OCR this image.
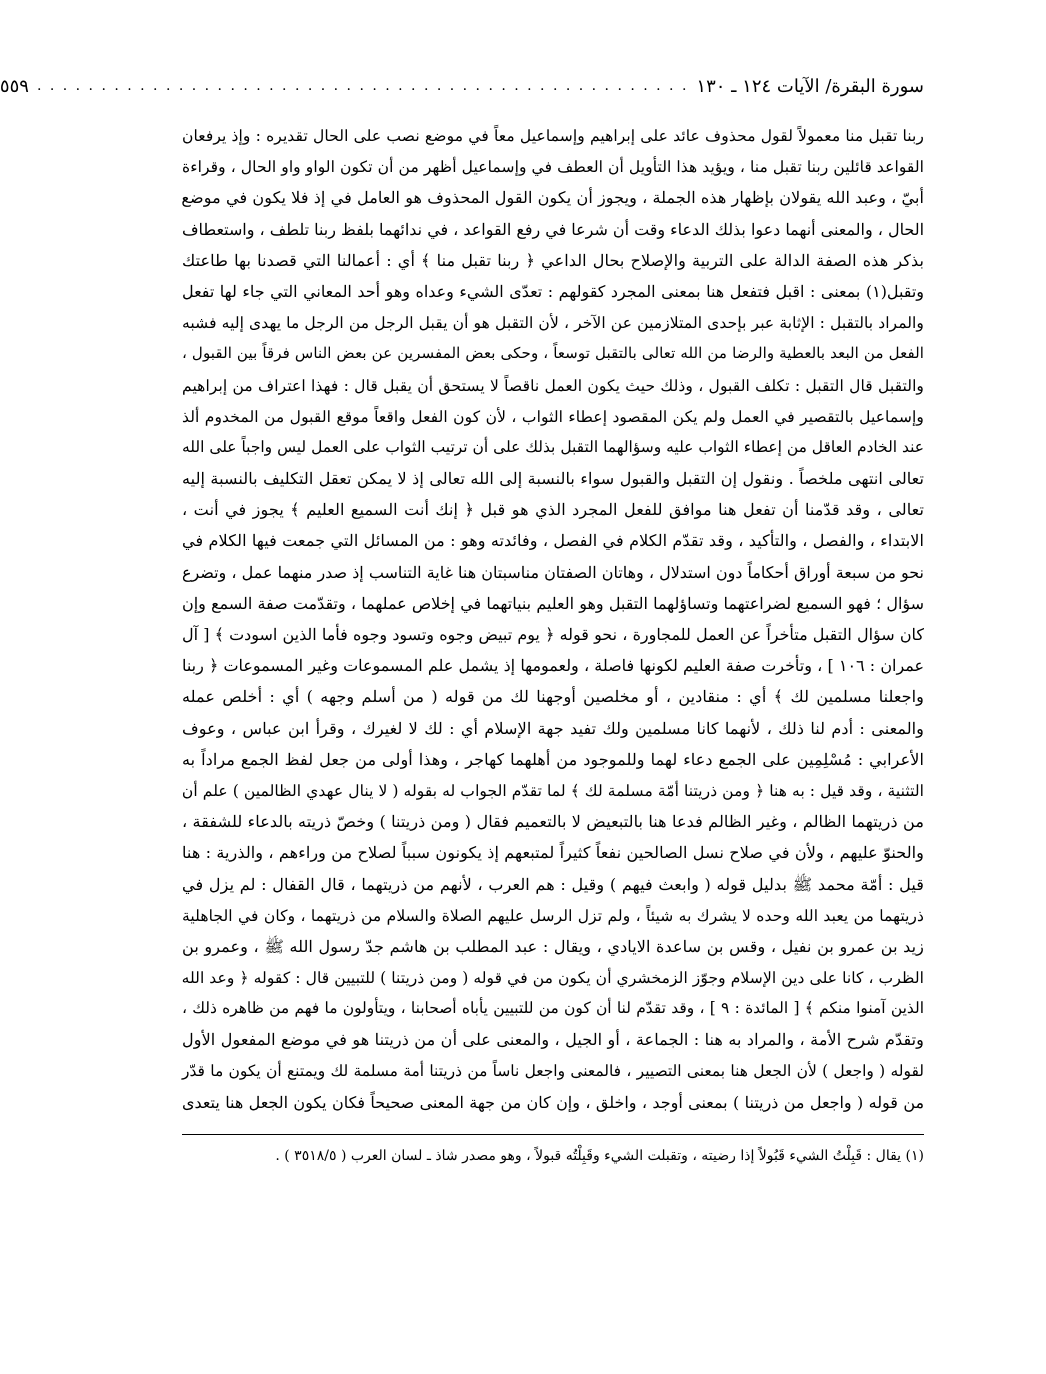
سورة البقرة/ الآيات ١٢٤ ـ ١٣٠
. . . . . . . . . . . . . . . . . . . . . . . . . . . . . . . . . . . . . . . . . . . . . . . . . . .
٥٥٩
ربنا تقبل منا معمولاً لقول محذوف عائد على إبراهيم وإسماعيل معاً في موضع نصب على الحال تقديره : وإذ يرفعان
القواعد قائلين ربنا تقبل منا ، ويؤيد هذا التأويل أن العطف في وإسماعيل أظهر من أن تكون الواو واو الحال ، وقراءة
أبيّ ، وعبد الله يقولان بإظهار هذه الجملة ، ويجوز أن يكون القول المحذوف هو العامل في إذ فلا يكون في موضع
الحال ، والمعنى أنهما دعوا بذلك الدعاء وقت أن شرعا في رفع القواعد ، في ندائهما بلفظ ربنا تلطف ، واستعطاف
بذكر هذه الصفة الدالة على التربية والإصلاح بحال الداعي ﴿ ربنا تقبل منا ﴾ أي : أعمالنا التي قصدنا بها طاعتك
وتقبل(١) بمعنى : اقبل فتفعل هنا بمعنى المجرد كقولهم : تعدّى الشيء وعداه وهو أحد المعاني التي جاء لها تفعل
والمراد بالتقبل : الإثابة عبر بإحدى المتلازمين عن الآخر ، لأن التقبل هو أن يقبل الرجل من الرجل ما يهدى إليه فشبه
الفعل من البعد بالعطية والرضا من الله تعالى بالتقبل توسعاً ، وحكى بعض المفسرين عن بعض الناس فرقاً بين القبول ،
والتقبل قال التقبل : تكلف القبول ، وذلك حيث يكون العمل ناقصاً لا يستحق أن يقبل قال : فهذا اعتراف من إبراهيم
وإسماعيل بالتقصير في العمل ولم يكن المقصود إعطاء الثواب ، لأن كون الفعل واقعاً موقع القبول من المخدوم ألذ
عند الخادم العاقل من إعطاء الثواب عليه وسؤالهما التقبل بذلك على أن ترتيب الثواب على العمل ليس واجباً على الله
تعالى انتهى ملخصاً . ونقول إن التقبل والقبول سواء بالنسبة إلى الله تعالى إذ لا يمكن تعقل التكليف بالنسبة إليه
تعالى ، وقد قدّمنا أن تفعل هنا موافق للفعل المجرد الذي هو قبل ﴿ إنك أنت السميع العليم ﴾ يجوز في أنت ،
الابتداء ، والفصل ، والتأكيد ، وقد تقدّم الكلام في الفصل ، وفائدته وهو : من المسائل التي جمعت فيها الكلام في
نحو من سبعة أوراق أحكاماً دون استدلال ، وهاتان الصفتان مناسبتان هنا غاية التناسب إذ صدر منهما عمل ، وتضرع
سؤال ؛ فهو السميع لضراعتهما وتساؤلهما التقبل وهو العليم بنياتهما في إخلاص عملهما ، وتقدّمت صفة السمع وإن
كان سؤال التقبل متأخراً عن العمل للمجاورة ، نحو قوله ﴿ يوم تبيض وجوه وتسود وجوه فأما الذين اسودت ﴾ [ آل
عمران : ١٠٦ ] ، وتأخرت صفة العليم لكونها فاصلة ، ولعمومها إذ يشمل علم المسموعات وغير المسموعات ﴿ ربنا
واجعلنا مسلمين لك ﴾ أي : منقادين ، أو مخلصين أوجهنا لك من قوله ( من أسلم وجهه ) أي : أخلص عمله
والمعنى : أدم لنا ذلك ، لأنهما كانا مسلمين ولك تفيد جهة الإسلام أي : لك لا لغيرك ، وقرأ ابن عباس ، وعوف
الأعرابي : مُسْلِمِين على الجمع دعاء لهما وللموجود من أهلهما كهاجر ، وهذا أولى من جعل لفظ الجمع مراداً به
التثنية ، وقد قيل : به هنا ﴿ ومن ذريتنا أمّة مسلمة لك ﴾ لما تقدّم الجواب له بقوله ( لا ينال عهدي الظالمين ) علم أن
من ذريتهما الظالم ، وغير الظالم فدعا هنا بالتبعيض لا بالتعميم فقال ( ومن ذريتنا ) وخصّ ذريته بالدعاء للشفقة ،
والحنوّ عليهم ، ولأن في صلاح نسل الصالحين نفعاً كثيراً لمتبعهم إذ يكونون سبباً لصلاح من وراءهم ، والذرية : هنا
قيل : أمّة محمد ﷺ بدليل قوله ( وابعث فيهم ) وقيل : هم العرب ، لأنهم من ذريتهما ، قال القفال : لم يزل في
ذريتهما من يعبد الله وحده لا يشرك به شيئاً ، ولم تزل الرسل عليهم الصلاة والسلام من ذريتهما ، وكان في الجاهلية
زيد بن عمرو بن نفيل ، وقس بن ساعدة الايادي ، ويقال : عبد المطلب بن هاشم جدّ رسول الله ﷺ ، وعمرو بن
الظرب ، كانا على دين الإسلام وجوّز الزمخشري أن يكون من في قوله ( ومن ذريتنا ) للتبيين قال : كقوله ﴿ وعد الله
الذين آمنوا منكم ﴾ [ المائدة : ٩ ] ، وقد تقدّم لنا أن كون من للتبيين يأباه أصحابنا ، ويتأولون ما فهم من ظاهره ذلك ،
وتقدّم شرح الأمة ، والمراد به هنا : الجماعة ، أو الجيل ، والمعنى على أن من ذريتنا هو في موضع المفعول الأول
لقوله ( واجعل ) لأن الجعل هنا بمعنى التصيير ، فالمعنى واجعل ناساً من ذريتنا أمة مسلمة لك ويمتنع أن يكون ما قدّر
من قوله ( واجعل من ذريتنا ) بمعنى أوجد ، واخلق ، وإن كان من جهة المعنى صحيحاً فكان يكون الجعل هنا يتعدى
(١) يقال : قَبِلْتُ الشيء قَبُولاً إذا رضيته ، وتقبلت الشيء وقَبِلْتُه قبولاً ، وهو مصدر شاذ ـ لسان العرب ( ٣٥١٨/٥ ) .
